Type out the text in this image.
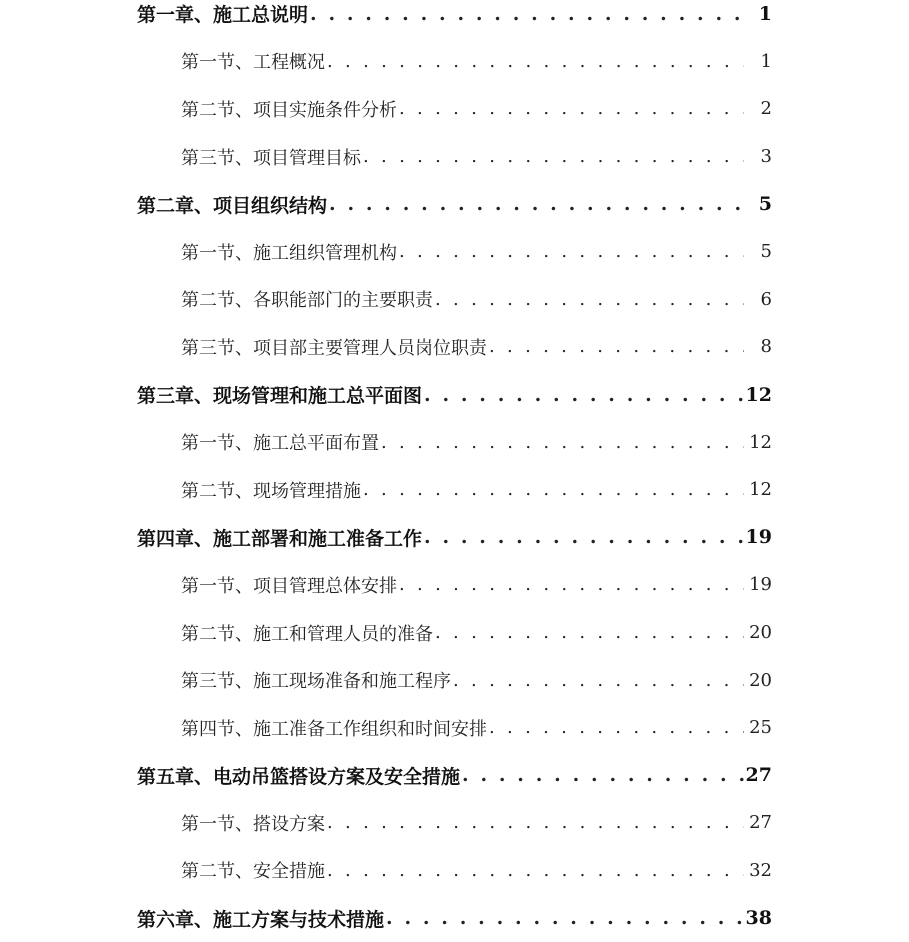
第一章、施工总说明 . . .	1
第一节、工程概况 . . .	1
第二节、项目实施条件分析 . . .	2
第三节、项目管理目标 . . .	3
第二章、项目组织结构 . . .	5
第一节、施工组织管理机构 . . .	5
第二节、各职能部门的主要职责 . . .	6
第三节、项目部主要管理人员岗位职责 . . .	8
第三章、现场管理和施工总平面图 . . .	12
第一节、施工总平面布置 . . .	12
第二节、现场管理措施 . . .	12
第四章、施工部署和施工准备工作 . . .	19
第一节、项目管理总体安排 . . .	19
第二节、施工和管理人员的准备 . . .	20
第三节、施工现场准备和施工程序 . . .	20
第四节、施工准备工作组织和时间安排 . . .	25
第五章、电动吊篮搭设方案及安全措施 . . .	27
第一节、搭设方案 . . .	27
第二节、安全措施 . . .	32
第六章、施工方案与技术措施 . . .	38
